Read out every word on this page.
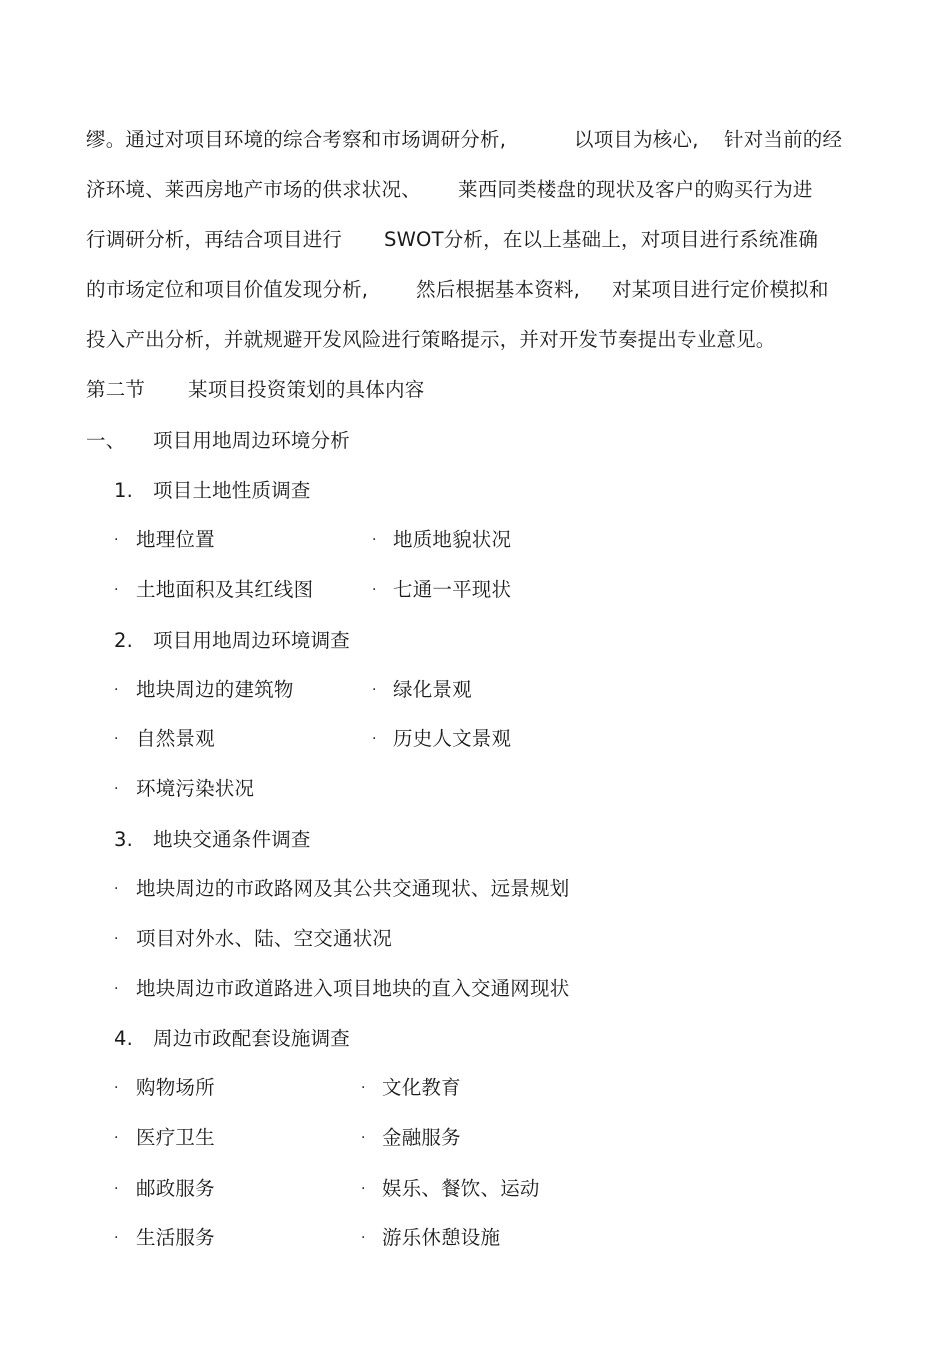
缪。通过对项目环境的综合考察和市场调研分析,	以项目为核心, 针对当前的经
济环境、莱西房地产市场的供求状况、 莱西同类楼盘的现状及客户的购买行为进
行调研分析，再结合项目进行 SWOT分析，在以上基础上，对项目进行系统准确
的市场定位和项目价值发现分析, 然后根据基本资料, 对某项目进行定价模拟和
投入产出分析，并就规避开发风险进行策略提示，并对开发节奏提出专业意见。
第二节 某项目投资策划的具体内容
一、 项目用地周边环境分析
1. 项目土地性质调查
· 地理位置	· 地质地貌状况
· 土地面积及其红线图	· 七通一平现状
2. 项目用地周边环境调查
· 地块周边的建筑物	· 绿化景观
· 自然景观	· 历史人文景观
· 环境污染状况
3. 地块交通条件调查
· 地块周边的市政路网及其公共交通现状、远景规划
· 项目对外水、陆、空交通状况
· 地块周边市政道路进入项目地块的直入交通网现状
4. 周边市政配套设施调查
· 购物场所	· 文化教育
· 医疗卫生	· 金融服务
· 邮政服务	· 娱乐、餐饮、运动
· 生活服务	· 游乐休憩设施
